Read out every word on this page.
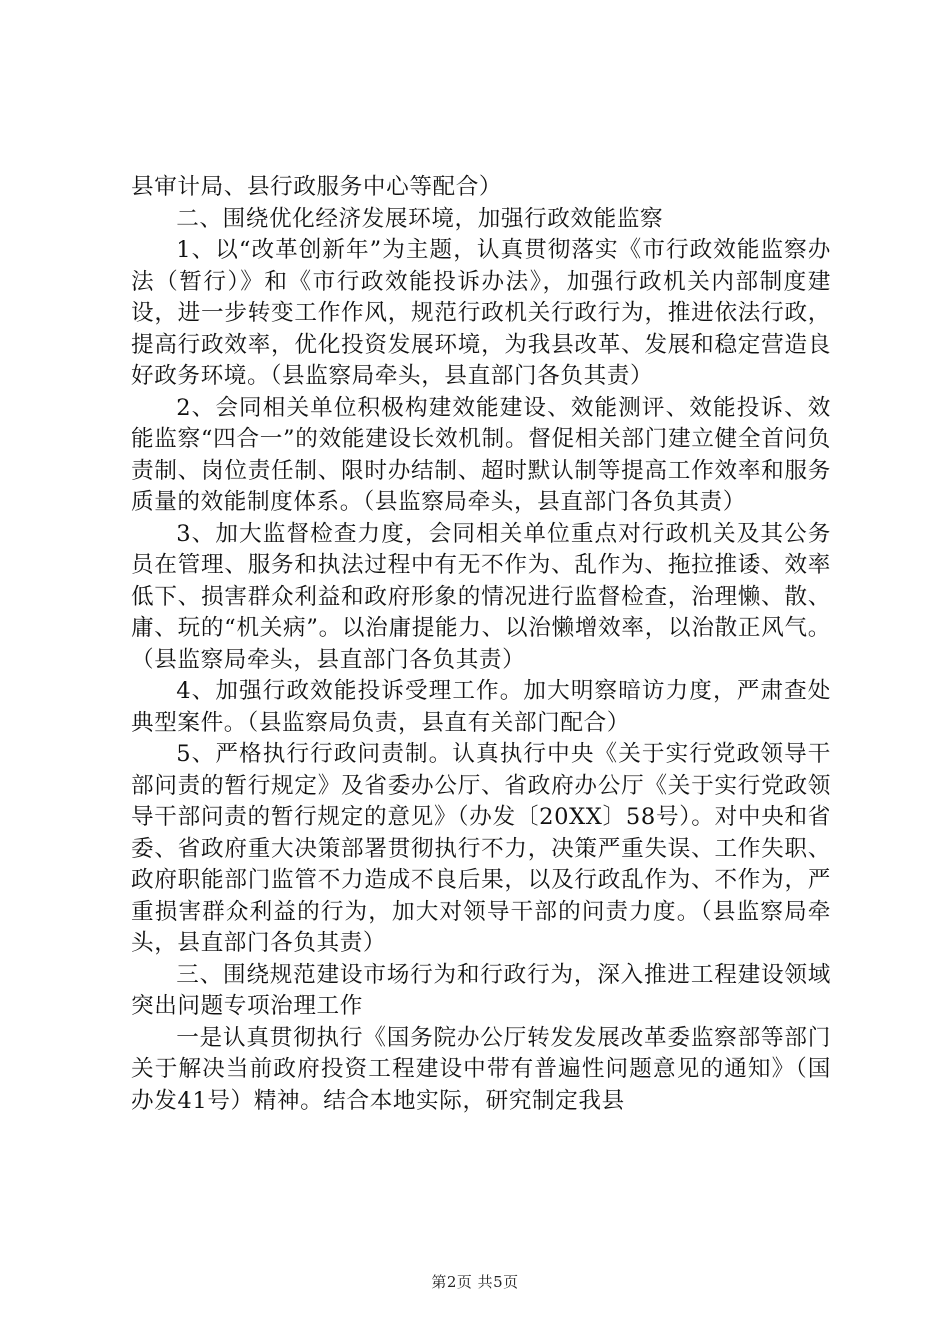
县审计局、县行政服务中心等配合）

二、围绕优化经济发展环境，加强行政效能监察

1、以“改革创新年”为主题，认真贯彻落实《市行政效能监察办法（暂行）》和《市行政效能投诉办法》，加强行政机关内部制度建设，进一步转变工作作风，规范行政机关行政行为，推进依法行政，提高行政效率，优化投资发展环境，为我县改革、发展和稳定营造良好政务环境。（县监察局牵头，县直部门各负其责）

2、会同相关单位积极构建效能建设、效能测评、效能投诉、效能监察“四合一”的效能建设长效机制。督促相关部门建立健全首问负责制、岗位责任制、限时办结制、超时默认制等提高工作效率和服务质量的效能制度体系。（县监察局牵头，县直部门各负其责）

3、加大监督检查力度，会同相关单位重点对行政机关及其公务员在管理、服务和执法过程中有无不作为、乱作为、拖拉推诿、效率低下、损害群众利益和政府形象的情况进行监督检查，治理懒、散、庸、玩的“机关病”。以治庸提能力、以治懒增效率，以治散正风气。（县监察局牵头，县直部门各负其责）

4、加强行政效能投诉受理工作。加大明察暗访力度，严肃查处典型案件。（县监察局负责，县直有关部门配合）

5、严格执行行政问责制。认真执行中央《关于实行党政领导干部问责的暂行规定》及省委办公厅、省政府办公厅《关于实行党政领导干部问责的暂行规定的意见》（办发〔20XX〕58号）。对中央和省委、省政府重大决策部署贯彻执行不力，决策严重失误、工作失职、政府职能部门监管不力造成不良后果，以及行政乱作为、不作为，严重损害群众利益的行为，加大对领导干部的问责力度。（县监察局牵头，县直部门各负其责）

三、围绕规范建设市场行为和行政行为，深入推进工程建设领域突出问题专项治理工作

一是认真贯彻执行《国务院办公厅转发发展改革委监察部等部门关于解决当前政府投资工程建设中带有普遍性问题意见的通知》（国办发41号）精神。结合本地实际，研究制定我县

第2页 共5页
